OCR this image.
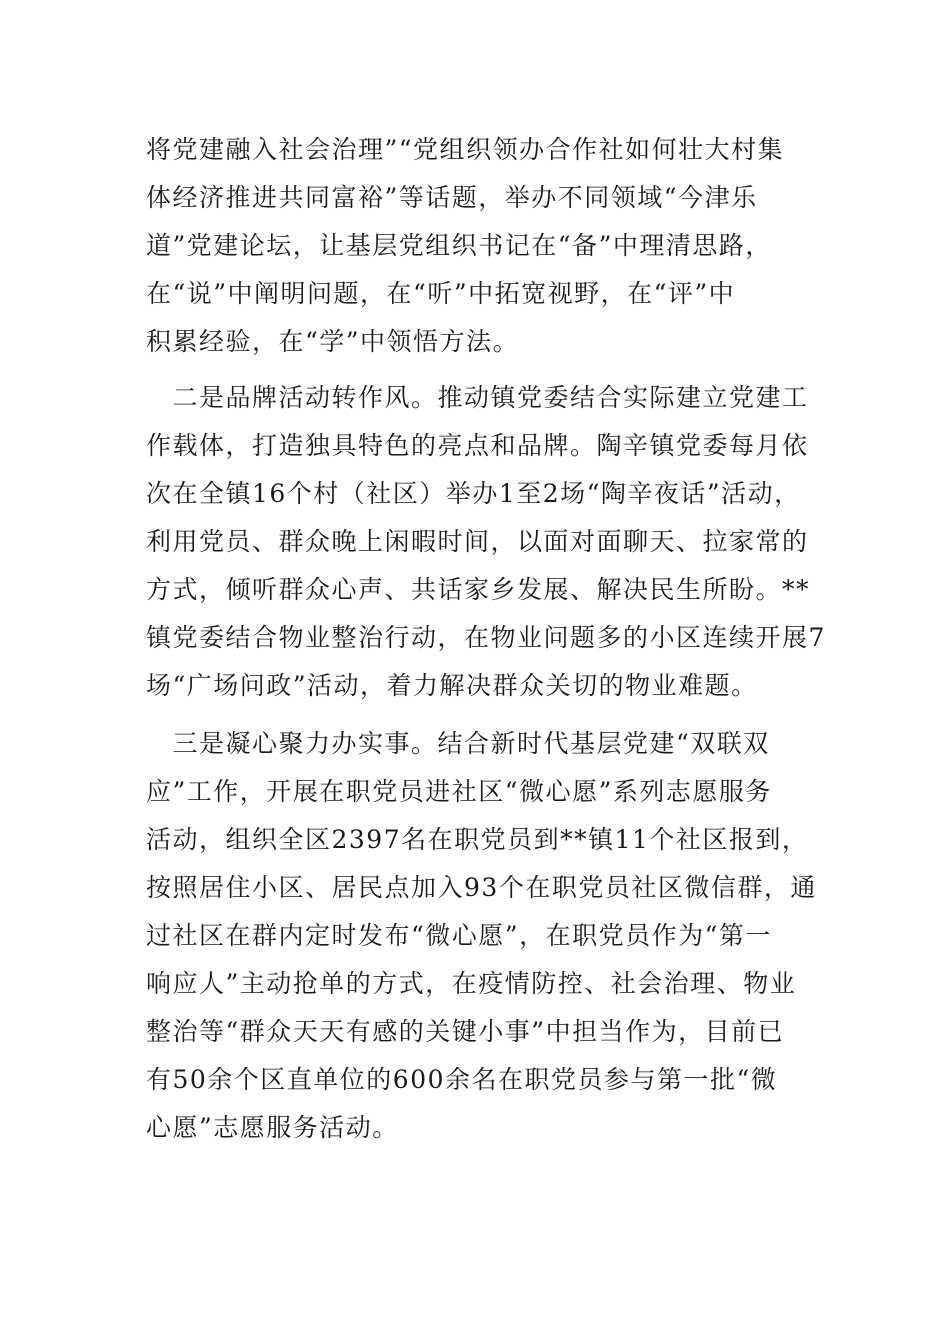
将党建融入社会治理”“党组织领办合作社如何壮大村集
体经济推进共同富裕”等话题，举办不同领域“今津乐
道”党建论坛，让基层党组织书记在“备”中理清思路，
在“说”中阐明问题，在“听”中拓宽视野，在“评”中
积累经验，在“学”中领悟方法。
　二是品牌活动转作风。推动镇党委结合实际建立党建工
作载体，打造独具特色的亮点和品牌。陶辛镇党委每月依
次在全镇16个村（社区）举办1至2场“陶辛夜话”活动，
利用党员、群众晚上闲暇时间，以面对面聊天、拉家常的
方式，倾听群众心声、共话家乡发展、解决民生所盼。**
镇党委结合物业整治行动，在物业问题多的小区连续开展7
场“广场问政”活动，着力解决群众关切的物业难题。
　三是凝心聚力办实事。结合新时代基层党建“双联双
应”工作，开展在职党员进社区“微心愿”系列志愿服务
活动，组织全区2397名在职党员到**镇11个社区报到，
按照居住小区、居民点加入93个在职党员社区微信群，通
过社区在群内定时发布“微心愿”，在职党员作为“第一
响应人”主动抢单的方式，在疫情防控、社会治理、物业
整治等“群众天天有感的关键小事”中担当作为，目前已
有50余个区直单位的600余名在职党员参与第一批“微
心愿”志愿服务活动。
